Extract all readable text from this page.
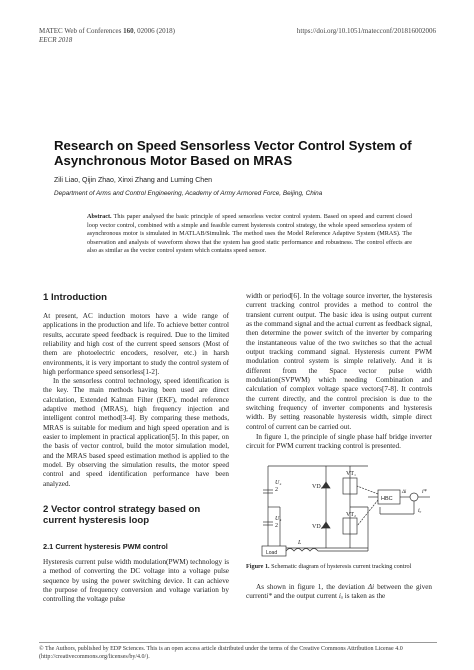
MATEC Web of Conferences 160, 02006 (2018)
EECR 2018
https://doi.org/10.1051/matecconf/201816002006
Research on Speed Sensorless Vector Control System of Asynchronous Motor Based on MRAS
Zili Liao, Qijin Zhao, Xinxi Zhang and Luming Chen
Department of Arms and Control Engineering, Academy of Army Armored Force, Beijing, China
Abstract. This paper analysed the basic principle of speed sensorless vector control system. Based on speed and current closed loop vector control, combined with a simple and feasible current hysteresis control strategy, the whole speed sensorless system of asynchronous motor is simulated in MATLAB/Simulink. The method uses the Model Reference Adaptive System (MRAS). The observation and analysis of waveform shows that the system has good static performance and robustness. The control effects are also as similar as the vector control system which contains speed sensor.
1 Introduction
At present, AC induction motors have a wide range of applications in the production and life. To achieve better control results, accurate speed feedback is required. Due to the limited reliability and high cost of the current speed sensors (Most of them are photoelectric encoders, resolver, etc.) in harsh environments, it is very important to study the control system of high performance speed sensorless[1-2].
In the sensorless control technology, speed identification is the key. The main methods having been used are direct calculation, Extended Kalman Filter (EKF), model reference adaptive method (MRAS), high frequency injection and intelligent control method[3-4]. By comparing these methods, MRAS is suitable for medium and high speed operation and is easier to implement in practical application[5]. In this paper, on the basis of vector control, build the motor simulation model, and the MRAS based speed estimation method is applied to the model. By observing the simulation results, the motor speed control and speed identification performance have been analyzed.
2 Vector control strategy based on current hysteresis loop
2.1 Current hysteresis PWM control
Hysteresis current pulse width modulation(PWM) technology is a method of converting the DC voltage into a voltage pulse sequence by using the power switching device. It can achieve the purpose of frequency conversion and voltage variation by controlling the voltage pulse
width or period[6]. In the voltage source inverter, the hysteresis current tracking control provides a method to control the transient current output. The basic idea is using output current as the command signal and the actual current as feedback signal, then determine the power switch of the inverter by comparing the instantaneous value of the two switches so that the actual output tracking command signal. Hysteresis current PWM modulation control system is simple relatively. And it is different from the Space vector pulse width modulation(SVPWM) which needing Combination and calculation of complex voltage space vectors[7-8]. It controls the current directly, and the control precision is due to the switching frequency of inverter components and hysteresis width. By setting reasonable hysteresis width, simple direct control of current can be carried out.
In figure 1, the principle of single phase half bridge inverter circuit for PWM current tracking control is presented.
VT₁
VT₂
VD₁
VD₂
U₄
2
U₄
2
HBC
Load
L
i*
iₐ
Δi
Figure 1. Schematic diagram of hysteresis current tracking control
As shown in figure 1, the deviation Δi between the given currenti* and the output current iₐ is taken as the
© The Authors, published by EDP Sciences. This is an open access article distributed under the terms of the Creative Commons Attribution License 4.0 (http://creativecommons.org/licenses/by/4.0/).
